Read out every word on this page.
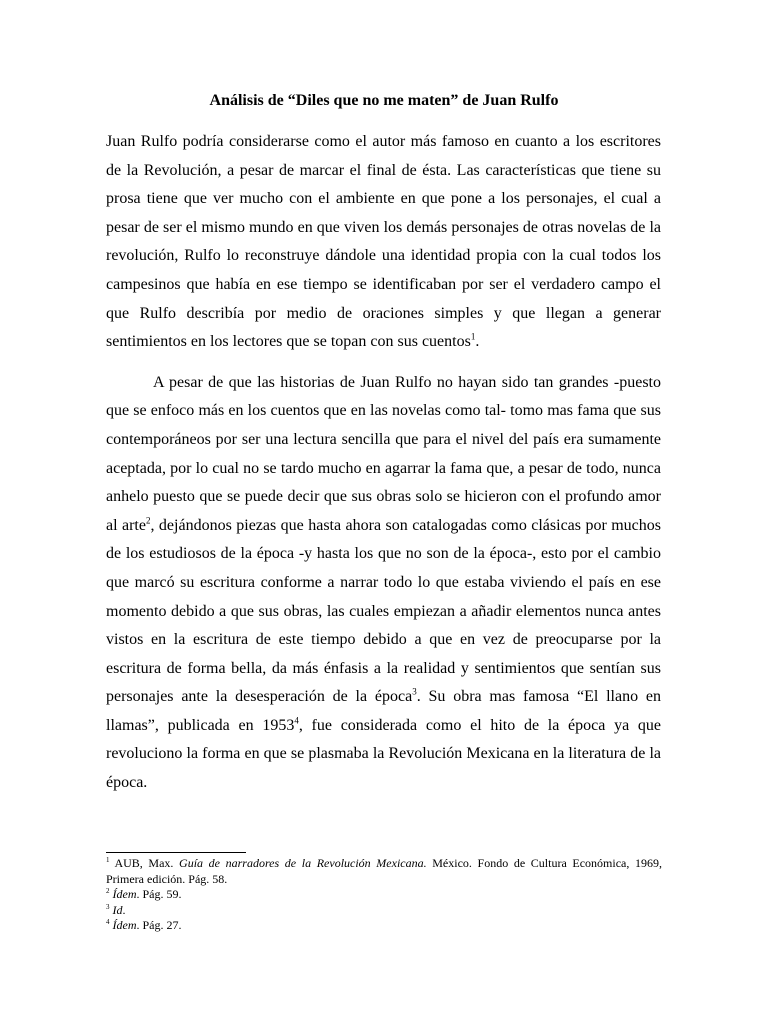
Análisis de “Diles que no me maten” de Juan Rulfo

Juan Rulfo podría considerarse como el autor más famoso en cuanto a los escritores de la Revolución, a pesar de marcar el final de ésta. Las características que tiene su prosa tiene que ver mucho con el ambiente en que pone a los personajes, el cual a pesar de ser el mismo mundo en que viven los demás personajes de otras novelas de la revolución, Rulfo lo reconstruye dándole una identidad propia con la cual todos los campesinos que había en ese tiempo se identificaban por ser el verdadero campo el que Rulfo describía por medio de oraciones simples y que llegan a generar sentimientos en los lectores que se topan con sus cuentos$^1$.

A pesar de que las historias de Juan Rulfo no hayan sido tan grandes -puesto que se enfoco más en los cuentos que en las novelas como tal- tomo mas fama que sus contemporáneos por ser una lectura sencilla que para el nivel del país era sumamente aceptada, por lo cual no se tardo mucho en agarrar la fama que, a pesar de todo, nunca anhelo puesto que se puede decir que sus obras solo se hicieron con el profundo amor al arte$^2$, dejándonos piezas que hasta ahora son catalogadas como clásicas por muchos de los estudiosos de la época -y hasta los que no son de la época-, esto por el cambio que marcó su escritura conforme a narrar todo lo que estaba viviendo el país en ese momento debido a que sus obras, las cuales empiezan a añadir elementos nunca antes vistos en la escritura de este tiempo debido a que en vez de preocuparse por la escritura de forma bella, da más énfasis a la realidad y sentimientos que sentían sus personajes ante la desesperación de la época$^3$. Su obra mas famosa “El llano en llamas”, publicada en 1953$^4$, fue considerada como el hito de la época ya que revoluciono la forma en que se plasmaba la Revolución Mexicana en la literatura de la época.

$^1$ AUB, Max. Guía de narradores de la Revolución Mexicana. México. Fondo de Cultura Económica, 1969, Primera edición. Pág. 58.

$^2$ Ídem. Pág. 59.

$^3$ Id.

$^4$ Ídem. Pág. 27.
